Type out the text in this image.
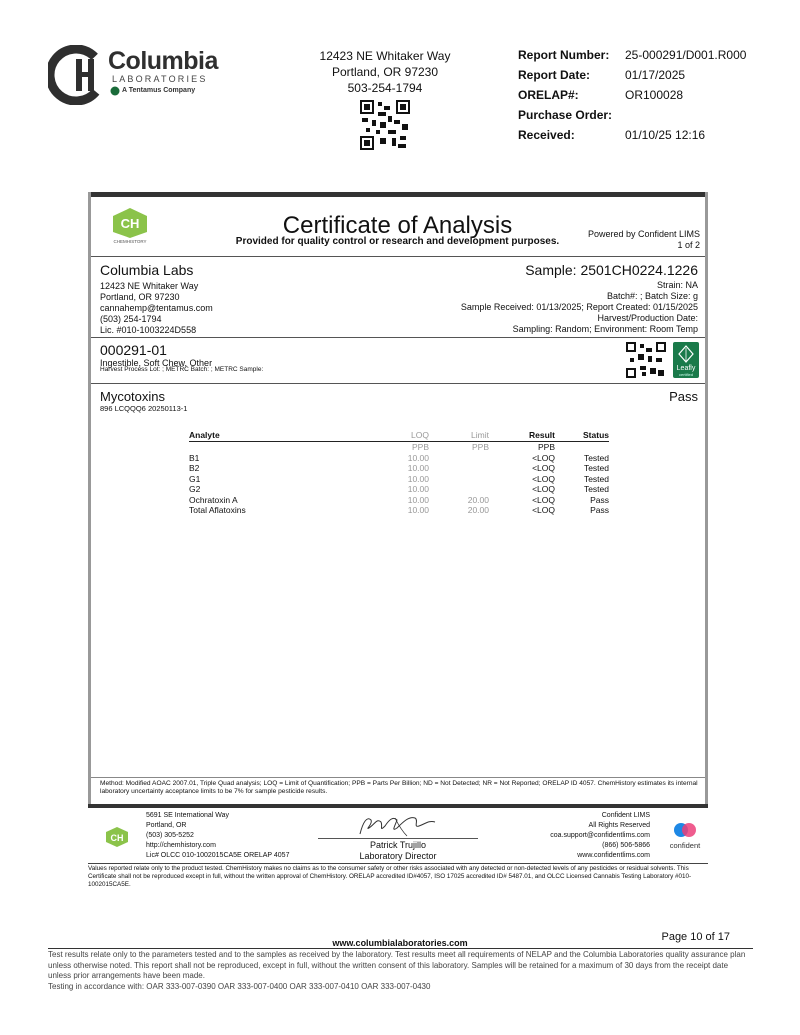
Columbia
LABORATORIES
A Tentamus Company
12423 NE Whitaker Way
Portland, OR 97230
503-254-1794
Report Number: 25-000291/D001.R000
Report Date:	01/17/2025
ORELAP#:	OR100028
Purchase Order:
Received:	01/10/25 12:16
CH
CHEMHISTORY
Certificate of Analysis
Provided for quality control or research and development purposes.
Powered by Confident LIMS
1 of 2
Columbia Labs
12423 NE Whitaker Way
Portland, OR 97230
cannahemp@tentamus.com
(503) 254-1794
Lic. #010-1003224D558
Sample: 2501CH0224.1226
Strain: NA
Batch#: ; Batch Size: g
Sample Received: 01/13/2025; Report Created: 01/15/2025
Harvest/Production Date:
Sampling: Random; Environment: Room Temp
000291-01
Ingestible, Soft Chew, Other
Harvest Process Lot: ; METRC Batch: ; METRC Sample:	Leafly
certified
Mycotoxins
896 LCQQQ6 20250113-1
Pass
Analyte	LOQ	Limit	Result	Status
	PPB	PPB	PPB	
B1	10.00		<LOQ	Tested
B2	10.00		<LOQ	Tested
G1	10.00		<LOQ	Tested
G2	10.00		<LOQ	Tested
Ochratoxin A	10.00	20.00	<LOQ	Pass
Total Aflatoxins	10.00	20.00	<LOQ	Pass
Method: Modified AOAC 2007.01, Triple Quad analysis; LOQ = Limit of Quantification; PPB = Parts Per Billion; ND = Not Detected; NR = Not Reported; ORELAP ID 4057. ChemHistory estimates its internal laboratory uncertainty acceptance limits to be 7% for sample pesticide results.
CH
5691 SE International Way
Portland, OR
(503) 305-5252
http://chemhistory.com
Lic# OLCC 010-1002015CA5E ORELAP 4057
Patrick Trujillo
Laboratory Director
Confident LIMS
All Rights Reserved
coa.support@confidentlims.com
(866) 506-5866
www.confidentlims.com
confident
Values reported relate only to the product tested. ChemHistory makes no claims as to the consumer safety or other risks associated with any detected or non-detected levels of any pesticides or residual solvents. This Certificate shall not be reproduced except in full, without the written approval of ChemHistory. ORELAP accredited ID#4057, ISO 17025 accredited ID# 5487.01, and OLCC Licensed Cannabis Testing Laboratory #010-1002015CA5E.
Page 10 of 17
www.columbialaboratories.com
Test results relate only to the parameters tested and to the samples as received by the laboratory. Test results meet all requirements of NELAP and the Columbia Laboratories quality assurance plan unless otherwise noted. This report shall not be reproduced, except in full, without the written consent of this laboratory. Samples will be retained for a maximum of 30 days from the receipt date unless prior arrangements have been made.
Testing in accordance with: OAR 333-007-0390 OAR 333-007-0400 OAR 333-007-0410 OAR 333-007-0430
